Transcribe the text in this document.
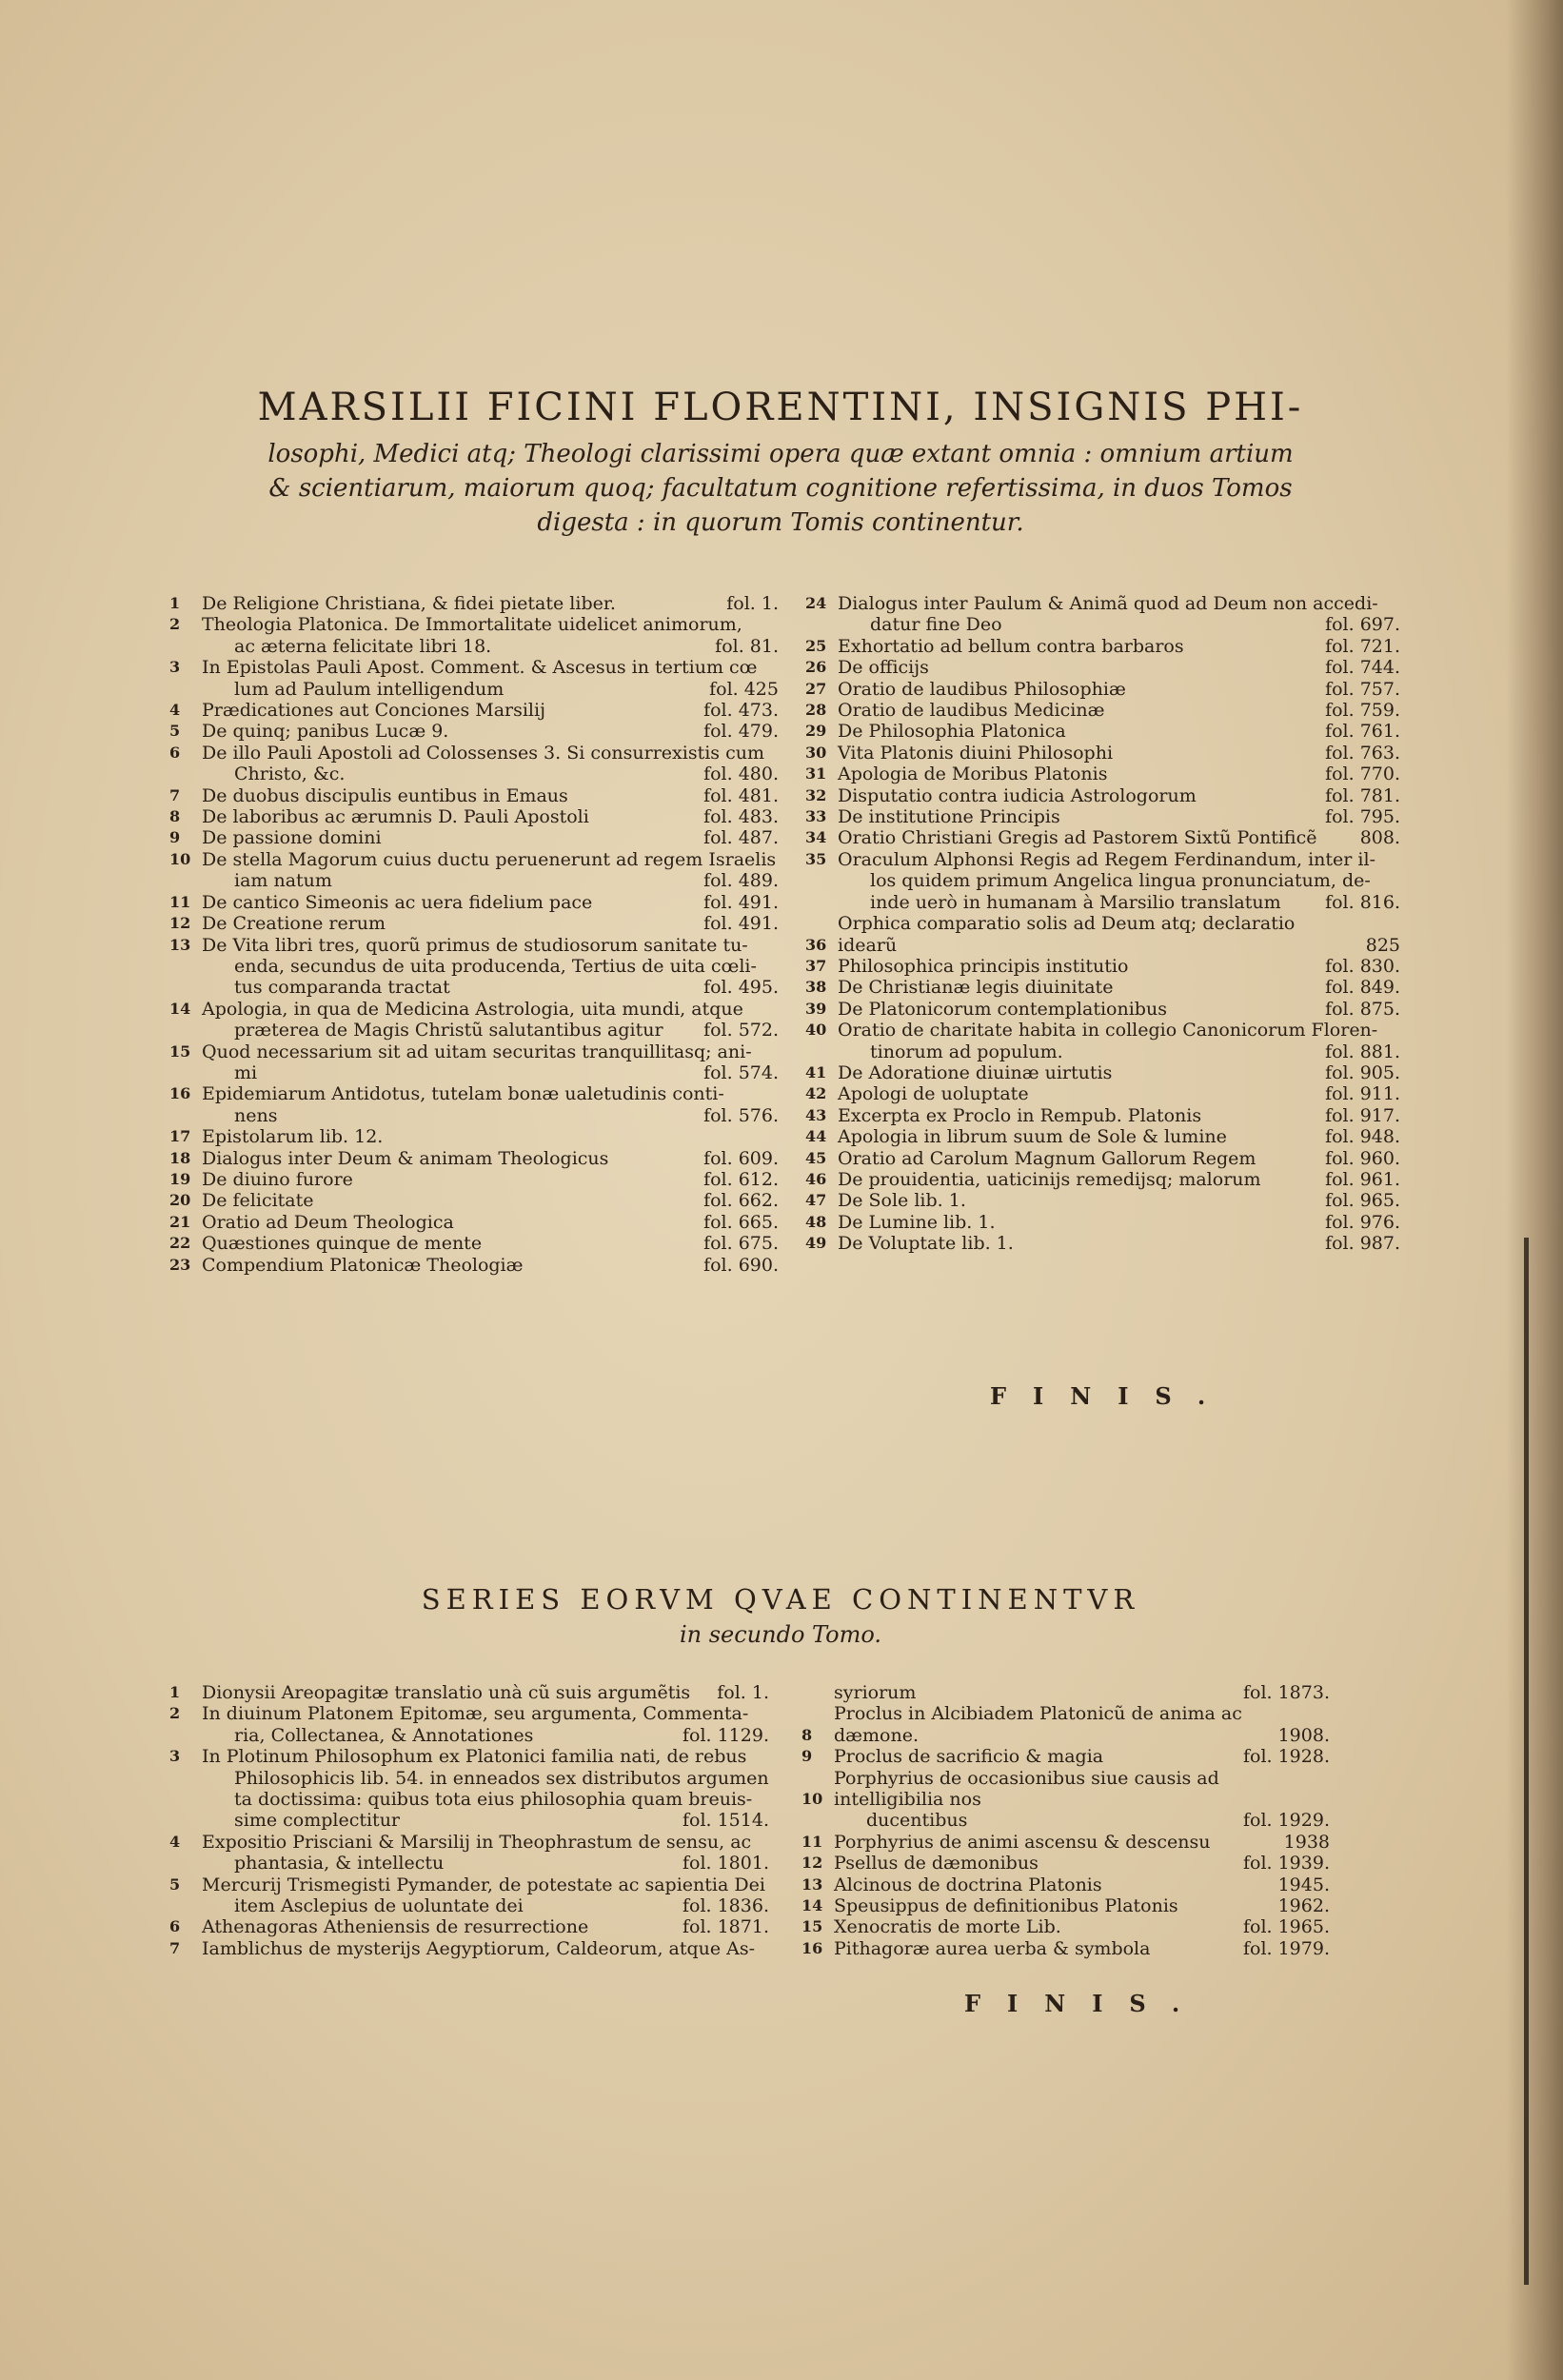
MARSILII FICINI FLORENTINI, INSIGNIS PHI-

losophi, Medici atq; Theologi clarissimi opera quæ extant omnia : omnium artium & scientiarum, maiorum quoq; facultatum cognitione refertissima, in duos Tomos digesta : in quorum Tomis continentur.

1	De Religione Christiana, & fidei pietate liber.	fol. 1.
2	Theologia Platonica. De Immortalitate uidelicet animorum,
ac æterna felicitate libri 18.	fol. 81.
3	In Epistolas Pauli Apost. Comment. & Ascesus in tertium cœ
lum ad Paulum intelligendum	fol. 425
4	Prædicationes aut Conciones Marsilij	fol. 473.
5	De quinq; panibus Lucæ 9.	fol. 479.
6	De illo Pauli Apostoli ad Colossenses 3. Si consurrexistis cum
Christo, &c.	fol. 480.
7	De duobus discipulis euntibus in Emaus	fol. 481.
8	De laboribus ac ærumnis D. Pauli Apostoli	fol. 483.
9	De passione domini	fol. 487.
10 De stella Magorum cuius ductu peruenerunt ad regem Israelis
iam natum	fol. 489.
11 De cantico Simeonis ac uera fidelium pace	fol. 491.
12 De Creatione rerum	fol. 491.
13 De Vita libri tres, quorũ primus de studiosorum sanitate tu-
enda, secundus de uita producenda, Tertius de uita cœli-
tus comparanda tractat	fol. 495.
14 Apologia, in qua de Medicina Astrologia, uita mundi, atque
præterea de Magis Christũ salutantibus agitur	fol. 572.
15 Quod necessarium sit ad uitam securitas tranquillitasq; ani-
mi	fol. 574.
16 Epidemiarum Antidotus, tutelam bonæ ualetudinis conti-
nens	fol. 576.
17 Epistolarum lib. 12.
18 Dialogus inter Deum & animam Theologicus	fol. 609.
19 De diuino furore	fol. 612.
20 De felicitate	fol. 662.
21 Oratio ad Deum Theologica	fol. 665.
22 Quæstiones quinque de mente	fol. 675.
23 Compendium Platonicæ Theologiæ	fol. 690.
24 Dialogus inter Paulum & Animã quod ad Deum non accedi-
datur fine Deo	fol. 697.
25 Exhortatio ad bellum contra barbaros	fol. 721.
26 De officijs	fol. 744.
27 Oratio de laudibus Philosophiæ	fol. 757.
28 Oratio de laudibus Medicinæ	fol. 759.
29 De Philosophia Platonica	fol. 761.
30 Vita Platonis diuini Philosophi	fol. 763.
31 Apologia de Moribus Platonis	fol. 770.
32 Disputatio contra iudicia Astrologorum	fol. 781.
33 De institutione Principis	fol. 795.
34 Oratio Christiani Gregis ad Pastorem Sixtũ Pontificẽ	808.
35 Oraculum Alphonsi Regis ad Regem Ferdinandum, inter il-
los quidem primum Angelica lingua pronunciatum, de-
inde uerò in humanam à Marsilio translatum	fol. 816.
36
Orphica comparatio solis ad Deum atq; declaratio idearũ	825
37 Philosophica principis institutio	fol. 830.
38 De Christianæ legis diuinitate	fol. 849.
39 De Platonicorum contemplationibus	fol. 875.
40 Oratio de charitate habita in collegio Canonicorum Floren-
tinorum ad populum.	fol. 881.
41 De Adoratione diuinæ uirtutis	fol. 905.
42 Apologi de uoluptate	fol. 911.
43 Excerpta ex Proclo in Rempub. Platonis	fol. 917.
44 Apologia in librum suum de Sole & lumine	fol. 948.
45 Oratio ad Carolum Magnum Gallorum Regem	fol. 960.
46 De prouidentia, uaticinijs remedijsq; malorum	fol. 961.
47 De Sole lib. 1.	fol. 965.
48 De Lumine lib. 1.	fol. 976.
49 De Voluptate lib. 1.	fol. 987.
FINIS.
SERIES EORVM QVAE CONTINENTVR

in secundo Tomo.

1	Dionysii Areopagitæ translatio unà cũ suis argumẽtis	fol. 1.
2	In diuinum Platonem Epitomæ, seu argumenta, Commenta-
ria, Collectanea, & Annotationes	fol. 1129.
3	In Plotinum Philosophum ex Platonici familia nati, de rebus
Philosophicis lib. 54. in enneados sex distributos argumen
ta doctissima: quibus tota eius philosophia quam breuis-
sime complectitur	fol. 1514.
4	Expositio Prisciani & Marsilij in Theophrastum de sensu, ac
phantasia, & intellectu	fol. 1801.
5	Mercurij Trismegisti Pymander, de potestate ac sapientia Dei
item Asclepius de uoluntate dei	fol. 1836.
6	Athenagoras Atheniensis de resurrectione	fol. 1871.
7	Iamblichus de mysterijs Aegyptiorum, Caldeorum, atque As-
syriorum	fol. 1873.
8
Proclus in Alcibiadem Platonicũ de anima ac dæmone.	1908.
9	Proclus de sacrificio & magia	fol. 1928.
10
Porphyrius de occasionibus siue causis ad intelligibilia nos
ducentibus	fol. 1929.
11 Porphyrius de animi ascensu & descensu	1938
12 Psellus de dæmonibus	fol. 1939.
13 Alcinous de doctrina Platonis	1945.
14 Speusippus de definitionibus Platonis	1962.
15 Xenocratis de morte Lib.	fol. 1965.
16 Pithagoræ aurea uerba & symbola	fol. 1979.
FINIS.
